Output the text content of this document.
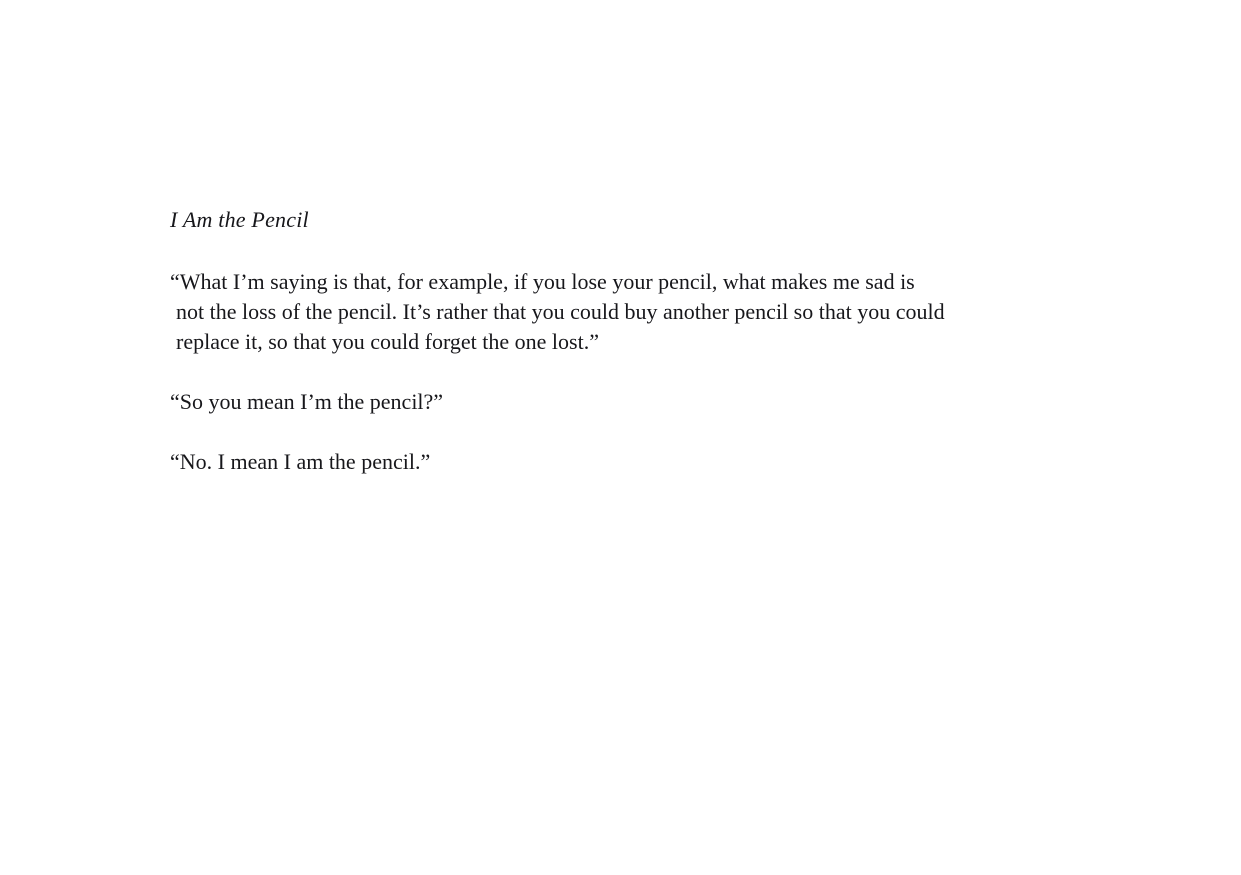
I Am the Pencil

“What I’m saying is that, for example, if you lose your pencil, what makes me sad is not the loss of the pencil. It’s rather that you could buy another pencil so that you could replace it, so that you could forget the one lost.”

“So you mean I’m the pencil?”

“No. I mean I am the pencil.”
